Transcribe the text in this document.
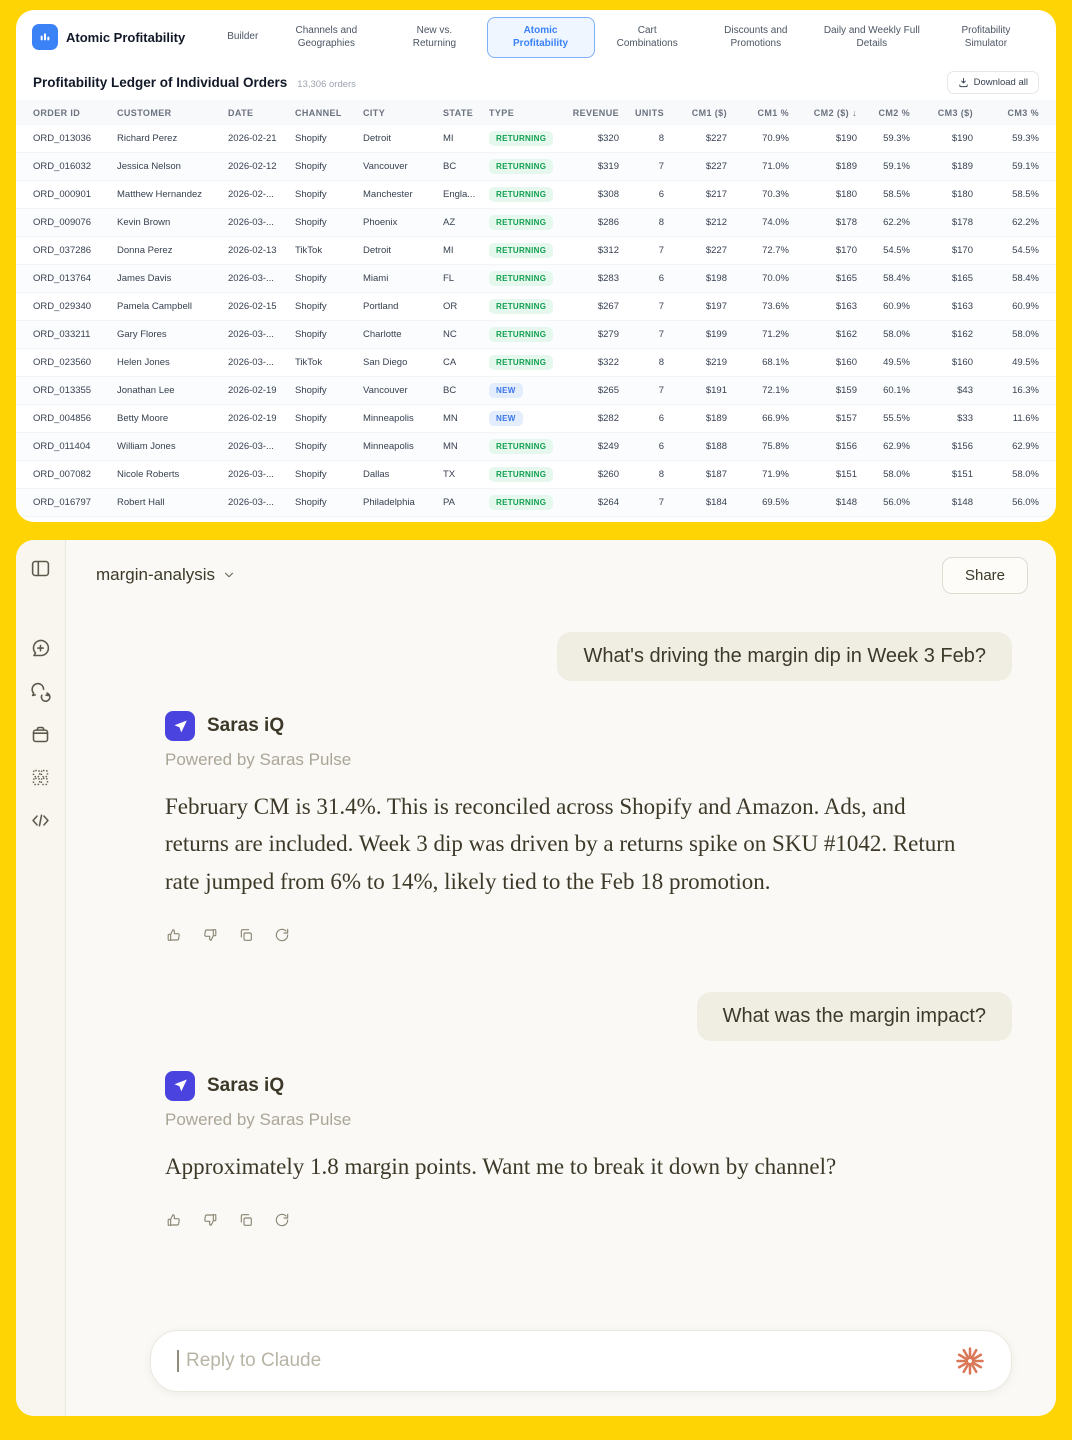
Atomic Profitability	Builder
Channels and Geographies
New vs. Returning
Atomic Profitability
Cart Combinations
Discounts and Promotions
Daily and Weekly Full Details
Profitability Simulator
Profitability Ledger of Individual Orders 13,306 orders	Download all
ORDER ID	CUSTOMER	DATE	CHANNEL	CITY	STATE	TYPE	REVENUE	UNITS	CM1 ($)	CM1 %	CM2 ($) ↓	CM2 %	CM3 ($)	CM3 %
ORD_013036	Richard Perez	2026-02-21	Shopify	Detroit	MI	RETURNING	$320	8	$227	70.9%	$190	59.3%	$190	59.3%
ORD_016032	Jessica Nelson	2026-02-12	Shopify	Vancouver	BC	RETURNING	$319	7	$227	71.0%	$189	59.1%	$189	59.1%
ORD_000901	Matthew Hernandez	2026-02-...	Shopify	Manchester	Engla...	RETURNING	$308	6	$217	70.3%	$180	58.5%	$180	58.5%
ORD_009076	Kevin Brown	2026-03-...	Shopify	Phoenix	AZ	RETURNING	$286	8	$212	74.0%	$178	62.2%	$178	62.2%
ORD_037286	Donna Perez	2026-02-13	TikTok	Detroit	MI	RETURNING	$312	7	$227	72.7%	$170	54.5%	$170	54.5%
ORD_013764	James Davis	2026-03-...	Shopify	Miami	FL	RETURNING	$283	6	$198	70.0%	$165	58.4%	$165	58.4%
ORD_029340	Pamela Campbell	2026-02-15	Shopify	Portland	OR	RETURNING	$267	7	$197	73.6%	$163	60.9%	$163	60.9%
ORD_033211	Gary Flores	2026-03-...	Shopify	Charlotte	NC	RETURNING	$279	7	$199	71.2%	$162	58.0%	$162	58.0%
ORD_023560	Helen Jones	2026-03-...	TikTok	San Diego	CA	RETURNING	$322	8	$219	68.1%	$160	49.5%	$160	49.5%
ORD_013355	Jonathan Lee	2026-02-19	Shopify	Vancouver	BC	NEW	$265	7	$191	72.1%	$159	60.1%	$43	16.3%
ORD_004856	Betty Moore	2026-02-19	Shopify	Minneapolis	MN	NEW	$282	6	$189	66.9%	$157	55.5%	$33	11.6%
ORD_011404	William Jones	2026-03-...	Shopify	Minneapolis	MN	RETURNING	$249	6	$188	75.8%	$156	62.9%	$156	62.9%
ORD_007082	Nicole Roberts	2026-03-...	Shopify	Dallas	TX	RETURNING	$260	8	$187	71.9%	$151	58.0%	$151	58.0%
ORD_016797	Robert Hall	2026-03-...	Shopify	Philadelphia	PA	RETURNING	$264	7	$184	69.5%	$148	56.0%	$148	56.0%
margin-analysis	Share
What's driving the margin dip in Week 3 Feb?
Saras iQ
Powered by Saras Pulse
February CM is 31.4%. This is reconciled across Shopify and Amazon. Ads, and returns are included. Week 3 dip was driven by a returns spike on SKU #1042. Return rate jumped from 6% to 14%, likely tied to the Feb 18 promotion.
What was the margin impact?
Saras iQ
Powered by Saras Pulse
Approximately 1.8 margin points. Want me to break it down by channel?
Reply to Claude
